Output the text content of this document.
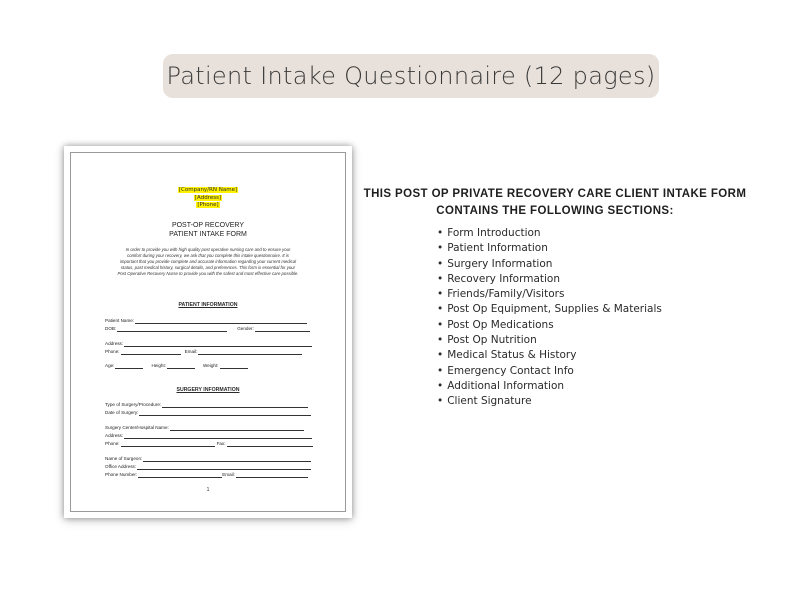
Patient Intake Questionnaire (12 pages)
[Company/RN Name]
[Address]
[Phone]
POST-OP RECOVERY
PATIENT INTAKE FORM
In order to provide you with high quality post operative nursing care and to ensure your
comfort during your recovery, we ask that you complete this intake questionnaire. It is
important that you provide complete and accurate information regarding your current medical
status, past medical history, surgical details, and preferences. This form is essential for your
Post Operative Recovery Nurse to provide you with the safest and most effective care possible.
PATIENT INFORMATION
Patient Name:
DOB:	Gender:
Address:
Phone:	Email:
Age:	Height:	Weight:
SURGERY INFORMATION
Type of Surgery/Procedure:
Date of Surgery:
Surgery Center/Hospital Name:
Address:
Phone:	Fax:
Name of Surgeon:
Office Address:
Phone Number:	Email:
1
THIS POST OP PRIVATE RECOVERY CARE CLIENT INTAKE FORM
CONTAINS THE FOLLOWING SECTIONS:
• Form Introduction
• Patient Information
• Surgery Information
• Recovery Information
• Friends/Family/Visitors
• Post Op Equipment, Supplies & Materials
• Post Op Medications
• Post Op Nutrition
• Medical Status & History
• Emergency Contact Info
• Additional Information
• Client Signature
